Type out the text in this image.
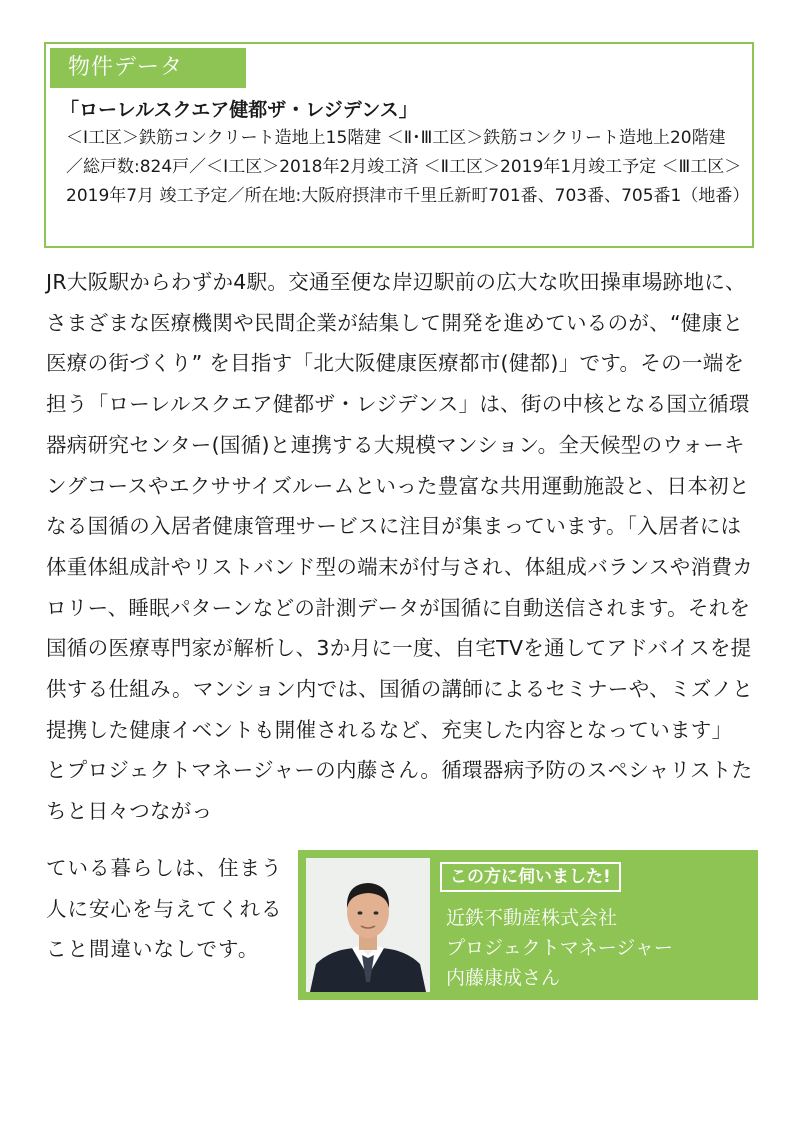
物件データ
「ローレルスクエア健都ザ・レジデンス」

＜Ⅰ工区＞鉄筋コンクリート造地上15階建 ＜Ⅱ･Ⅲ工区＞鉄筋コンクリート造地上20階建／総戸数:824戸／＜Ⅰ工区＞2018年2月竣工済 ＜Ⅱ工区＞2019年1月竣工予定 ＜Ⅲ工区＞2019年7月 竣工予定／所在地:大阪府摂津市千里丘新町701番、703番、705番1（地番）

JR大阪駅からわずか4駅。交通至便な岸辺駅前の広大な吹田操車場跡地に、さまざまな医療機関や民間企業が結集して開発を進めているのが、“健康と医療の街づくり” を目指す「北大阪健康医療都市(健都)」です。その一端を担う「ローレルスクエア健都ザ・レジデンス」は、街の中核となる国立循環器病研究センター(国循)と連携する大規模マンション。全天候型のウォーキングコースやエクササイズルームといった豊富な共用運動施設と、日本初となる国循の入居者健康管理サービスに注目が集まっています。「入居者には体重体組成計やリストバンド型の端末が付与され、体組成バランスや消費カロリー、睡眠パターンなどの計測データが国循に自動送信されます。それを国循の医療専門家が解析し、3か月に一度、自宅TVを通してアドバイスを提供する仕組み。マンション内では、国循の講師によるセミナーや、ミズノと提携した健康イベントも開催されるなど、充実した内容となっています」 とプロジェクトマネージャーの内藤さん。循環器病予防のスペシャリストたちと日々つながっ

ている暮らしは、住まう人に安心を与えてくれること間違いなしです。

この方に伺いました!
近鉄不動産株式会社
プロジェクトマネージャー
内藤康成さん
